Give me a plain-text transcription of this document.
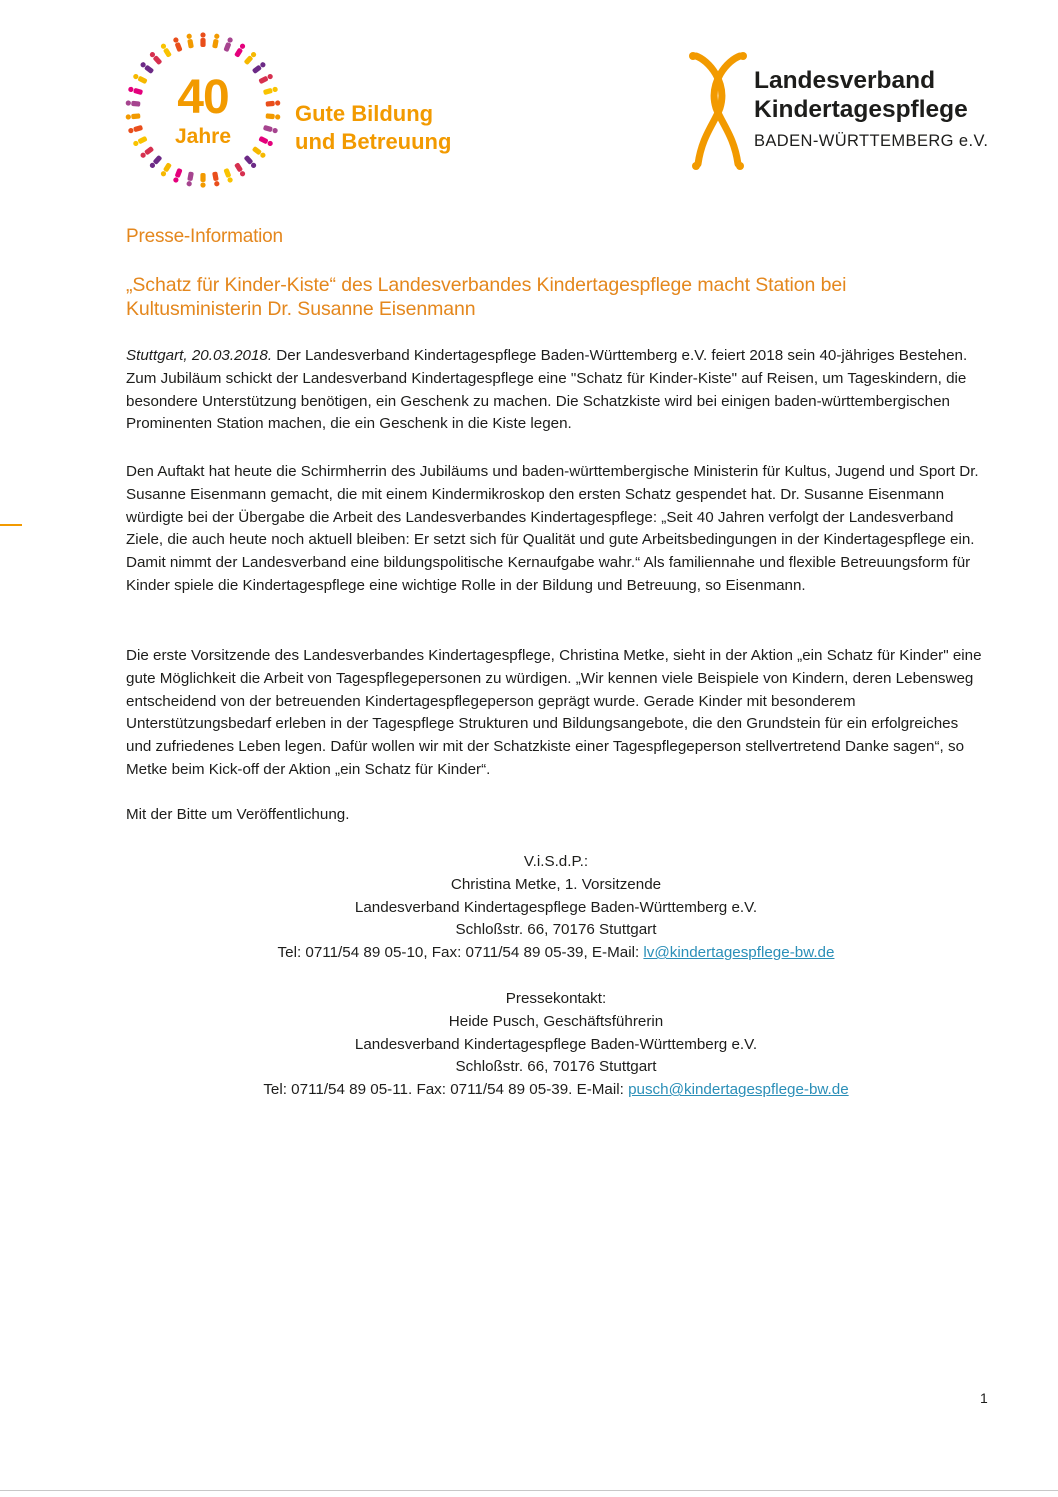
40
Jahre
Gute Bildung
und Betreuung
Landesverband
Kindertagespflege
BADEN-WÜRTTEMBERG e.V.
Presse-Information
„Schatz für Kinder-Kiste“ des Landesverbandes Kindertagespflege macht Station bei
Kultusministerin Dr. Susanne Eisenmann

Stuttgart, 20.03.2018. Der Landesverband Kindertagespflege Baden-Württemberg e.V. feiert 2018 sein 40-jähriges Bestehen. Zum Jubiläum schickt der Landesverband Kindertagespflege eine "Schatz für Kinder-Kiste" auf Reisen, um Tageskindern, die besondere Unterstützung benötigen, ein Geschenk zu machen. Die Schatzkiste wird bei einigen baden-württembergischen Prominenten Station machen, die ein Geschenk in die Kiste legen.

Den Auftakt hat heute die Schirmherrin des Jubiläums und baden-württembergische Ministerin für Kultus, Jugend und Sport Dr. Susanne Eisenmann gemacht, die mit einem Kindermikroskop den ersten Schatz gespendet hat. Dr. Susanne Eisenmann würdigte bei der Übergabe die Arbeit des Landesverbandes Kindertagespflege: „Seit 40 Jahren verfolgt der Landesverband Ziele, die auch heute noch aktuell bleiben: Er setzt sich für Qualität und gute Arbeitsbedingungen in der Kindertagespflege ein. Damit nimmt der Landesverband eine bildungspolitische Kernaufgabe wahr.“ Als familiennahe und flexible Betreuungsform für Kinder spiele die Kindertagespflege eine wichtige Rolle in der Bildung und Betreuung, so Eisenmann.

Die erste Vorsitzende des Landesverbandes Kindertagespflege, Christina Metke, sieht in der Aktion „ein Schatz für Kinder" eine gute Möglichkeit die Arbeit von Tagespflegepersonen zu würdigen. „Wir kennen viele Beispiele von Kindern, deren Lebensweg entscheidend von der betreuenden Kindertagespflegeperson geprägt wurde. Gerade Kinder mit besonderem Unterstützungsbedarf erleben in der Tagespflege Strukturen und Bildungsangebote, die den Grundstein für ein erfolgreiches und zufriedenes Leben legen. Dafür wollen wir mit der Schatzkiste einer Tagespflegeperson stellvertretend Danke sagen“, so Metke beim Kick-off der Aktion „ein Schatz für Kinder“.

Mit der Bitte um Veröffentlichung.

V.i.S.d.P.:
Christina Metke, 1. Vorsitzende
Landesverband Kindertagespflege Baden-Württemberg e.V.
Schloßstr. 66, 70176 Stuttgart
Tel: 0711/54 89 05-10, Fax: 0711/54 89 05-39, E-Mail: lv@kindertagespflege-bw.de
Pressekontakt:
Heide Pusch, Geschäftsführerin
Landesverband Kindertagespflege Baden-Württemberg e.V.
Schloßstr. 66, 70176 Stuttgart
Tel: 0711/54 89 05-11. Fax: 0711/54 89 05-39. E-Mail: pusch@kindertagespflege-bw.de
1
